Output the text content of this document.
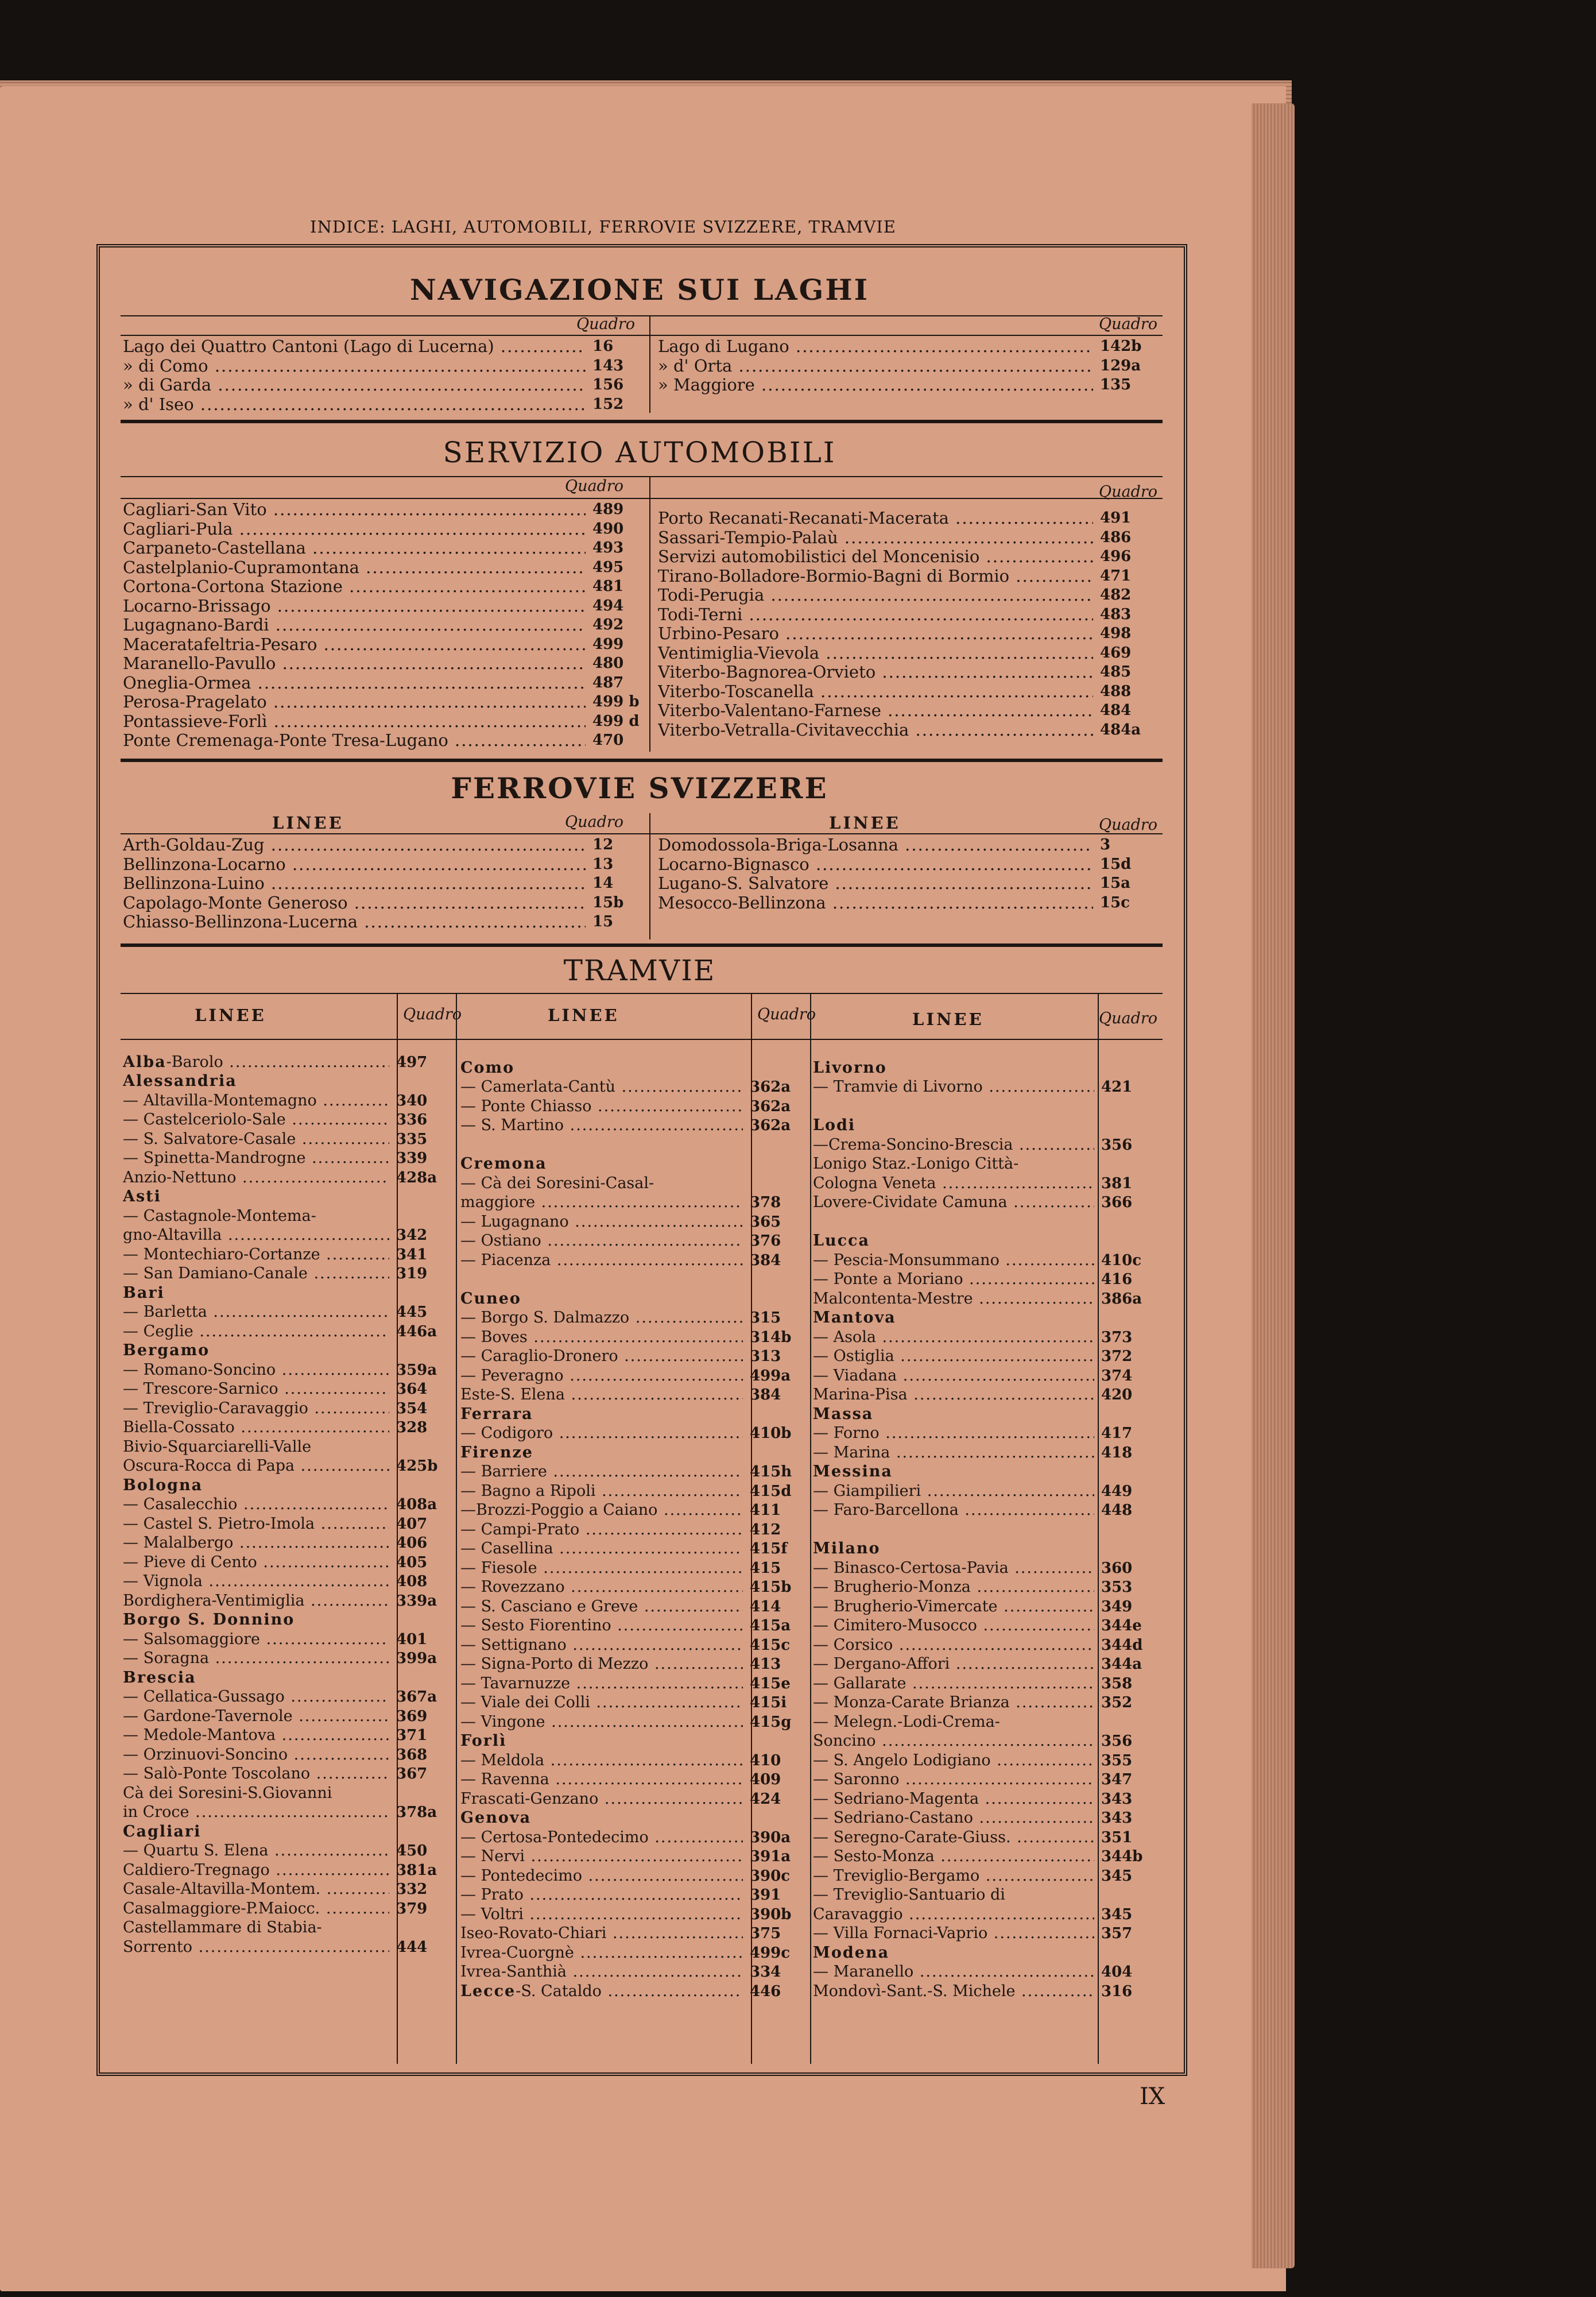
INDICE: LAGHI, AUTOMOBILI, FERROVIE SVIZZERE, TRAMVIE
NAVIGAZIONE SUI LAGHI
Quadro	Quadro
Lago dei Quattro Cantoni (Lago di Lucerna) .....	16
» di Como .....	143
» di Garda .....	156
» d' Iseo .....	152
Lago di Lugano .....	142b
» d' Orta .....	129a
» Maggiore .....	135
SERVIZIO AUTOMOBILI
Quadro	Quadro
Cagliari-San Vito .....	489
Cagliari-Pula .....	490
Carpaneto-Castellana .....	493
Castelplanio-Cupramontana .....	495
Cortona-Cortona Stazione .....	481
Locarno-Brissago .....	494
Lugagnano-Bardi .....	492
Maceratafeltria-Pesaro .....	499
Maranello-Pavullo .....	480
Oneglia-Ormea .....	487
Perosa-Pragelato .....	499 b
Pontassieve-Forlì .....	499 d
Ponte Cremenaga-Ponte Tresa-Lugano .....	470
Porto Recanati-Recanati-Macerata .....	491
Sassari-Tempio-Palaù .....	486
Servizi automobilistici del Moncenisio .....	496
Tirano-Bolladore-Bormio-Bagni di Bormio .....	471
Todi-Perugia .....	482
Todi-Terni .....	483
Urbino-Pesaro .....	498
Ventimiglia-Vievola .....	469
Viterbo-Bagnorea-Orvieto .....	485
Viterbo-Toscanella .....	488
Viterbo-Valentano-Farnese .....	484
Viterbo-Vetralla-Civitavecchia .....	484a
FERROVIE SVIZZERE
LINEE	Quadro	LINEE	Quadro
Arth-Goldau-Zug .....	12
Bellinzona-Locarno .....	13
Bellinzona-Luino .....	14
Capolago-Monte Generoso .....	15b
Chiasso-Bellinzona-Lucerna .....	15
Domodossola-Briga-Losanna .....	3
Locarno-Bignasco .....	15d
Lugano-S. Salvatore .....	15a
Mesocco-Bellinzona .....	15c
TRAMVIE
LINEE	Quadro	LINEE	Quadro	LINEE	Quadro
Alba-Barolo .....	497
Alessandria
— Altavilla-Montemagno .....	340
— Castelceriolo-Sale .....	336
— S. Salvatore-Casale .....	335
— Spinetta-Mandrogne .....	339
Anzio-Nettuno .....	428a
Asti
— Castagnole-Montema-
gno-Altavilla .....	342
— Montechiaro-Cortanze .....	341
— San Damiano-Canale .....	319
Bari
— Barletta .....	445
— Ceglie .....	446a
Bergamo
— Romano-Soncino .....	359a
— Trescore-Sarnico .....	364
— Treviglio-Caravaggio .....	354
Biella-Cossato .....	328
Bivio-Squarciarelli-Valle
Oscura-Rocca di Papa .....	425b
Bologna
— Casalecchio .....	408a
— Castel S. Pietro-Imola .....	407
— Malalbergo .....	406
— Pieve di Cento .....	405
— Vignola .....	408
Bordighera-Ventimiglia .....	339a
Borgo S. Donnino
— Salsomaggiore .....	401
— Soragna .....	399a
Brescia
— Cellatica-Gussago .....	367a
— Gardone-Tavernole .....	369
— Medole-Mantova .....	371
— Orzinuovi-Soncino .....	368
— Salò-Ponte Toscolano .....	367
Cà dei Soresini-S.Giovanni
in Croce .....	378a
Cagliari
— Quartu S. Elena .....	450
Caldiero-Tregnago .....	381a
Casale-Altavilla-Montem. .....	332
Casalmaggiore-P.Maiocc. .....	379
Castellammare di Stabia-
Sorrento .....	444
Como
— Camerlata-Cantù .....	362a
— Ponte Chiasso .....	362a
— S. Martino .....	362a
Cremona
— Cà dei Soresini-Casal-
maggiore .....	378
— Lugagnano .....	365
— Ostiano .....	376
— Piacenza .....	384
Cuneo
— Borgo S. Dalmazzo .....	315
— Boves .....	314b
— Caraglio-Dronero .....	313
— Peveragno .....	499a
Este-S. Elena .....	384
Ferrara
— Codigoro .....	410b
Firenze
— Barriere .....	415h
— Bagno a Ripoli .....	415d
—Brozzi-Poggio a Caiano .....	411
— Campi-Prato .....	412
— Casellina .....	415f
— Fiesole .....	415
— Rovezzano .....	415b
— S. Casciano e Greve .....	414
— Sesto Fiorentino .....	415a
— Settignano .....	415c
— Signa-Porto di Mezzo .....	413
— Tavarnuzze .....	415e
— Viale dei Colli .....	415i
— Vingone .....	415g
Forlì
— Meldola .....	410
— Ravenna .....	409
Frascati-Genzano .....	424
Genova
— Certosa-Pontedecimo .....	390a
— Nervi .....	391a
— Pontedecimo .....	390c
— Prato .....	391
— Voltri .....	390b
Iseo-Rovato-Chiari .....	375
Ivrea-Cuorgnè .....	499c
Ivrea-Santhià .....	334
Lecce-S. Cataldo .....	446
Livorno
— Tramvie di Livorno .....	421
Lodi
—Crema-Soncino-Brescia .....	356
Lonigo Staz.-Lonigo Città-
Cologna Veneta .....	381
Lovere-Cividate Camuna .....	366
Lucca
— Pescia-Monsummano .....	410c
— Ponte a Moriano .....	416
Malcontenta-Mestre .....	386a
Mantova
— Asola .....	373
— Ostiglia .....	372
— Viadana .....	374
Marina-Pisa .....	420
Massa
— Forno .....	417
— Marina .....	418
Messina
— Giampilieri .....	449
— Faro-Barcellona .....	448
Milano
— Binasco-Certosa-Pavia .....	360
— Brugherio-Monza .....	353
— Brugherio-Vimercate .....	349
— Cimitero-Musocco .....	344e
— Corsico .....	344d
— Dergano-Affori .....	344a
— Gallarate .....	358
— Monza-Carate Brianza .....	352
— Melegn.-Lodi-Crema-
Soncino .....	356
— S. Angelo Lodigiano .....	355
— Saronno .....	347
— Sedriano-Magenta .....	343
— Sedriano-Castano .....	343
— Seregno-Carate-Giuss. .....	351
— Sesto-Monza .....	344b
— Treviglio-Bergamo .....	345
— Treviglio-Santuario di
Caravaggio .....	345
— Villa Fornaci-Vaprio .....	357
Modena
— Maranello .....	404
Mondovì-Sant.-S. Michele .....	316
IX
